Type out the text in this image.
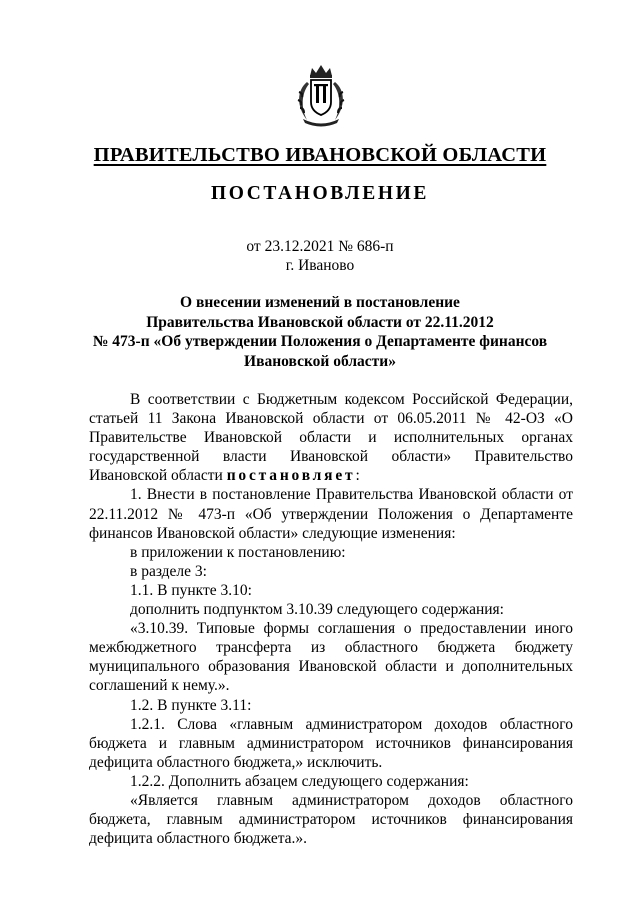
ПРАВИТЕЛЬСТВО ИВАНОВСКОЙ ОБЛАСТИ
ПОСТАНОВЛЕНИЕ
от 23.12.2021 № 686-п
г. Иваново
О внесении изменений в постановление
Правительства Ивановской области от 22.11.2012
№ 473-п «Об утверждении Положения о Департаменте финансов
Ивановской области»

В соответствии с Бюджетным кодексом Российской Федерации, статьей 11 Закона Ивановской области от 06.05.2011 № 42-ОЗ «О Правительстве Ивановской области и исполнительных органах государственной власти Ивановской области» Правительство Ивановской области постановляет:

1. Внести в постановление Правительства Ивановской области от 22.11.2012 № 473-п «Об утверждении Положения о Департаменте финансов Ивановской области» следующие изменения:

в приложении к постановлению:

в разделе 3:

1.1. В пункте 3.10:

дополнить подпунктом 3.10.39 следующего содержания:

«3.10.39. Типовые формы соглашения о предоставлении иного межбюджетного трансферта из областного бюджета бюджету муниципального образования Ивановской области и дополнительных соглашений к нему.».

1.2. В пункте 3.11:

1.2.1. Слова «главным администратором доходов областного бюджета и главным администратором источников финансирования дефицита областного бюджета,» исключить.

1.2.2. Дополнить абзацем следующего содержания:

«Является главным администратором доходов областного бюджета, главным администратором источников финансирования дефицита областного бюджета.».
